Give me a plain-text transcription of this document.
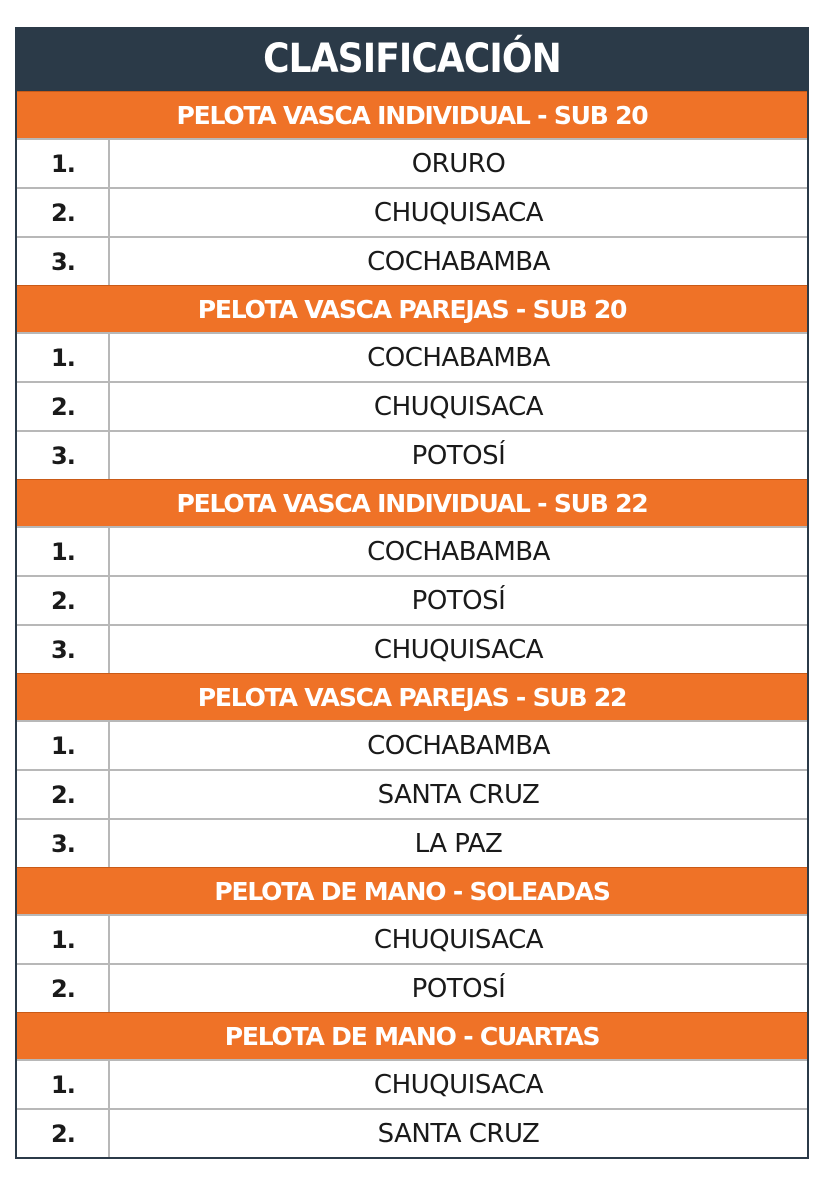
CLASIFICACIÓN
PELOTA VASCA INDIVIDUAL - SUB 20
1.	ORURO
2.	CHUQUISACA
3.	COCHABAMBA
PELOTA VASCA PAREJAS - SUB 20
1.	COCHABAMBA
2.	CHUQUISACA
3.	POTOSÍ
PELOTA VASCA INDIVIDUAL - SUB 22
1.	COCHABAMBA
2.	POTOSÍ
3.	CHUQUISACA
PELOTA VASCA PAREJAS - SUB 22
1.	COCHABAMBA
2.	SANTA CRUZ
3.	LA PAZ
PELOTA DE MANO - SOLEADAS
1.	CHUQUISACA
2.	POTOSÍ
PELOTA DE MANO - CUARTAS
1.	CHUQUISACA
2.	SANTA CRUZ
